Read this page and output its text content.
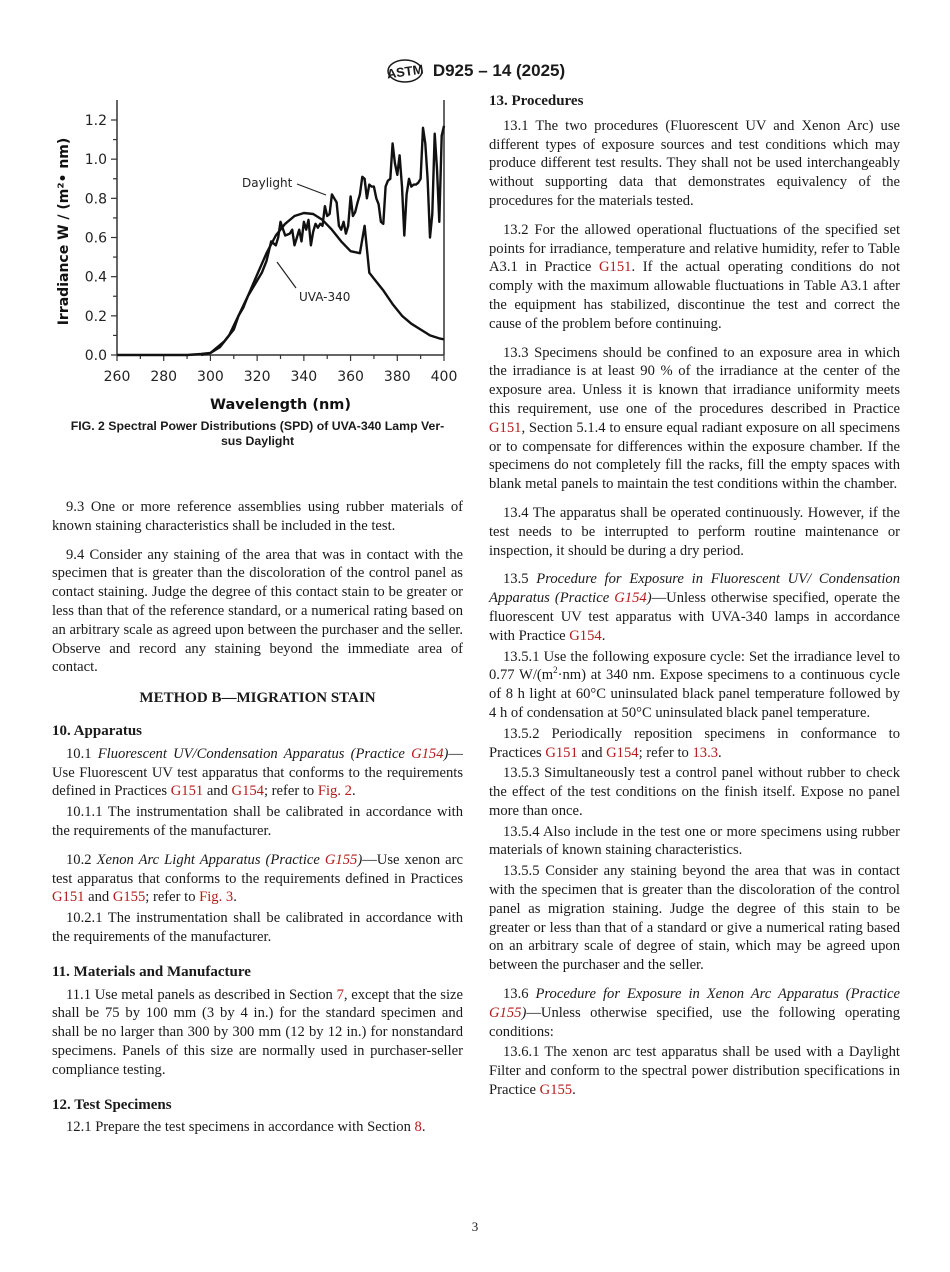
ASTM D925 – 14 (2025)
0.0
0.2
0.4
0.6
0.8
1.0
1.2
260 280 300 320 340 360 380 400
Wavelength (nm)
Irradiance W / (m²• nm)	Daylight
UVA-340
FIG. 2 Spectral Power Distributions (SPD) of UVA-340 Lamp Ver-
sus Daylight

9.3 One or more reference assemblies using rubber materials of known staining characteristics shall be included in the test.

9.4 Consider any staining of the area that was in contact with the specimen that is greater than the discoloration of the control panel as contact staining. Judge the degree of this contact stain to be greater or less than that of the reference standard, or a numerical rating based on an arbitrary scale as agreed upon between the purchaser and the seller. Observe and record any staining beyond the immediate area of contact.

METHOD B—MIGRATION STAIN

10. Apparatus

10.1 Fluorescent UV/Condensation Apparatus (Practice G154)—Use Fluorescent UV test apparatus that conforms to the requirements defined in Practices G151 and G154; refer to Fig. 2.

10.1.1 The instrumentation shall be calibrated in accordance with the requirements of the manufacturer.

10.2 Xenon Arc Light Apparatus (Practice G155)—Use xenon arc test apparatus that conforms to the requirements defined in Practices G151 and G155; refer to Fig. 3.

10.2.1 The instrumentation shall be calibrated in accordance with the requirements of the manufacturer.

11. Materials and Manufacture

11.1 Use metal panels as described in Section 7, except that the size shall be 75 by 100 mm (3 by 4 in.) for the standard specimen and shall be no larger than 300 by 300 mm (12 by 12 in.) for nonstandard specimens. Panels of this size are normally used in purchaser-seller compliance testing.

12. Test Specimens

12.1 Prepare the test specimens in accordance with Section 8.

13. Procedures

13.1 The two procedures (Fluorescent UV and Xenon Arc) use different types of exposure sources and test conditions which may produce different test results. They shall not be used interchangeably without supporting data that demonstrates equivalency of the procedures for the materials tested.

13.2 For the allowed operational fluctuations of the specified set points for irradiance, temperature and relative humidity, refer to Table A3.1 in Practice G151. If the actual operating conditions do not comply with the maximum allowable fluctuations in Table A3.1 after the equipment has stabilized, discontinue the test and correct the cause of the problem before continuing.

13.3 Specimens should be confined to an exposure area in which the irradiance is at least 90 % of the irradiance at the center of the exposure area. Unless it is known that irradiance uniformity meets this requirement, use one of the procedures described in Practice G151, Section 5.1.4 to ensure equal radiant exposure on all specimens or to compensate for differences within the exposure chamber. If the specimens do not completely fill the racks, fill the empty spaces with blank metal panels to maintain the test conditions within the chamber.

13.4 The apparatus shall be operated continuously. However, if the test needs to be interrupted to perform routine maintenance or inspection, it should be during a dry period.

13.5 Procedure for Exposure in Fluorescent UV/ Condensation Apparatus (Practice G154)—Unless otherwise specified, operate the fluorescent UV test apparatus with UVA-340 lamps in accordance with Practice G154.

13.5.1 Use the following exposure cycle: Set the irradiance level to 0.77 $W/(m^2\cdot nm)$ at 340 nm. Expose specimens to a continuous cycle of 8 h light at 60°C uninsulated black panel temperature followed by 4 h of condensation at 50°C uninsulated black panel temperature.

13.5.2 Periodically reposition specimens in conformance to Practices G151 and G154; refer to 13.3.

13.5.3 Simultaneously test a control panel without rubber to check the effect of the test conditions on the finish itself. Expose no panel more than once.

13.5.4 Also include in the test one or more specimens using rubber materials of known staining characteristics.

13.5.5 Consider any staining beyond the area that was in contact with the specimen that is greater than the discoloration of the control panel as migration staining. Judge the degree of this stain to be greater or less than that of a standard or give a numerical rating based on an arbitrary scale of degree of stain, which may be agreed upon between the purchaser and the seller.

13.6 Procedure for Exposure in Xenon Arc Apparatus (Practice G155)—Unless otherwise specified, use the following operating conditions:

13.6.1 The xenon arc test apparatus shall be used with a Daylight Filter and conform to the spectral power distribution specifications in Practice G155.

3
